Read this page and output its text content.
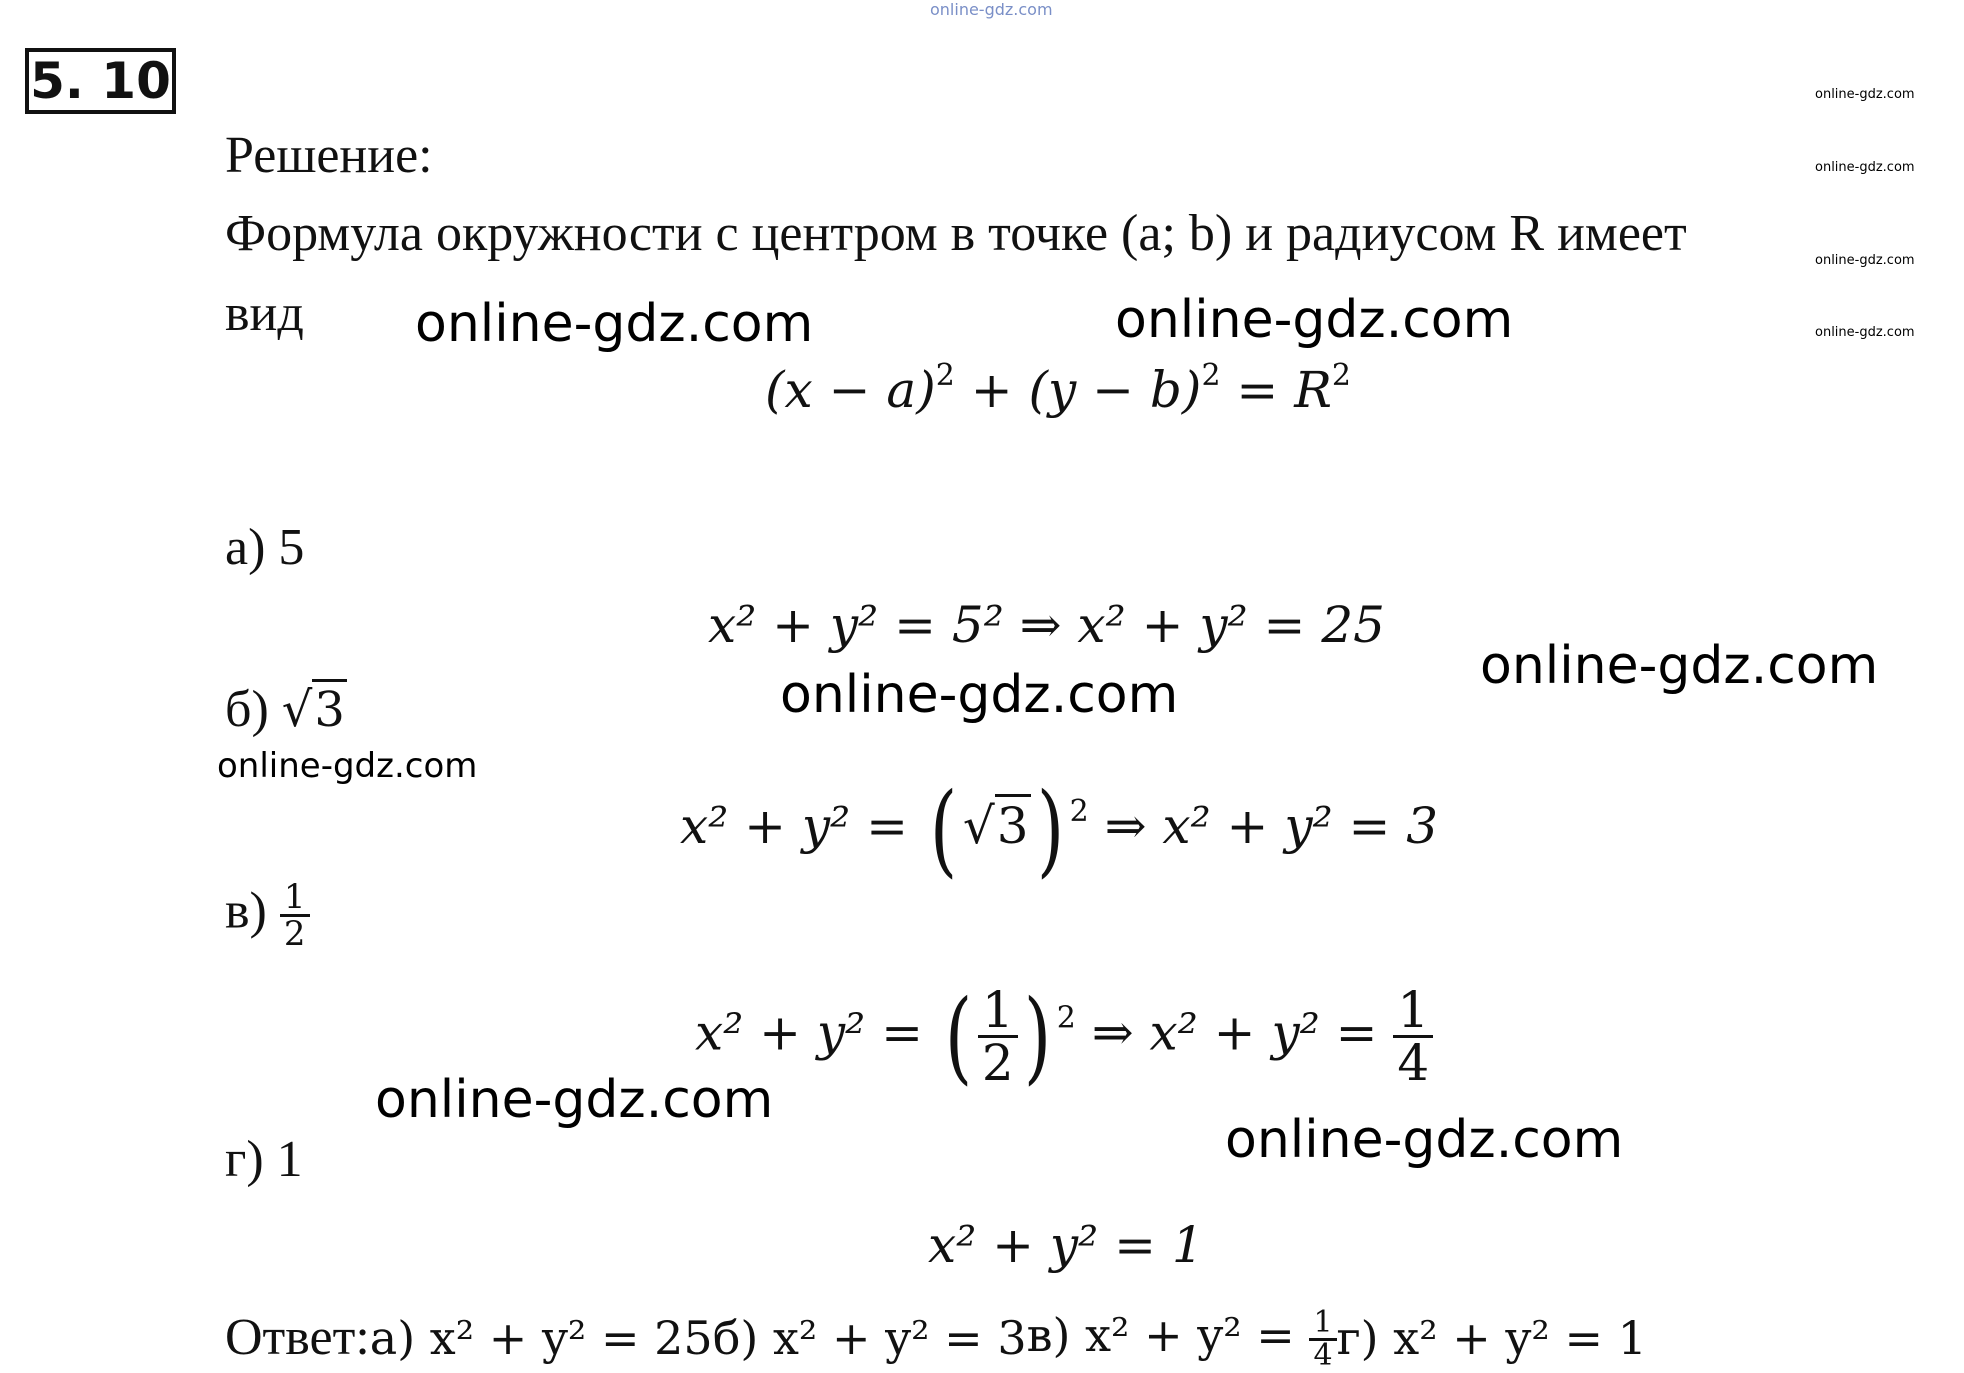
online-gdz.com
5. 10	online-gdz.com
online-gdz.com
online-gdz.com
online-gdz.com
Решение:
Формула окружности с центром в точке (a; b) и радиусом R имеет
вид online-gdz.com	online-gdz.com
$(x - a)^2 + (y - b)^2 = R^2$
а) 5
x² + y² = 5² ⇒ x² + y² = 25
online-gdz.com
online-gdz.com
б) √3
online-gdz.com
x² + y² = ( √3) $^2$ ⇒ x² + y² = 3
$в) \frac{1}{2}$
x² + y² = ( $\frac{1}{2}$ ) $^2$ ⇒ $x^2 + y^2 = \frac{1}{4}$
online-gdz.com
online-gdz.com
г) 1
x² + y² = 1
Ответ: а) x² + y² = 25 б) x² + y² = 3 в) $x^2 + y^2 = \frac{1}{4} г$) x² + y² = 1
